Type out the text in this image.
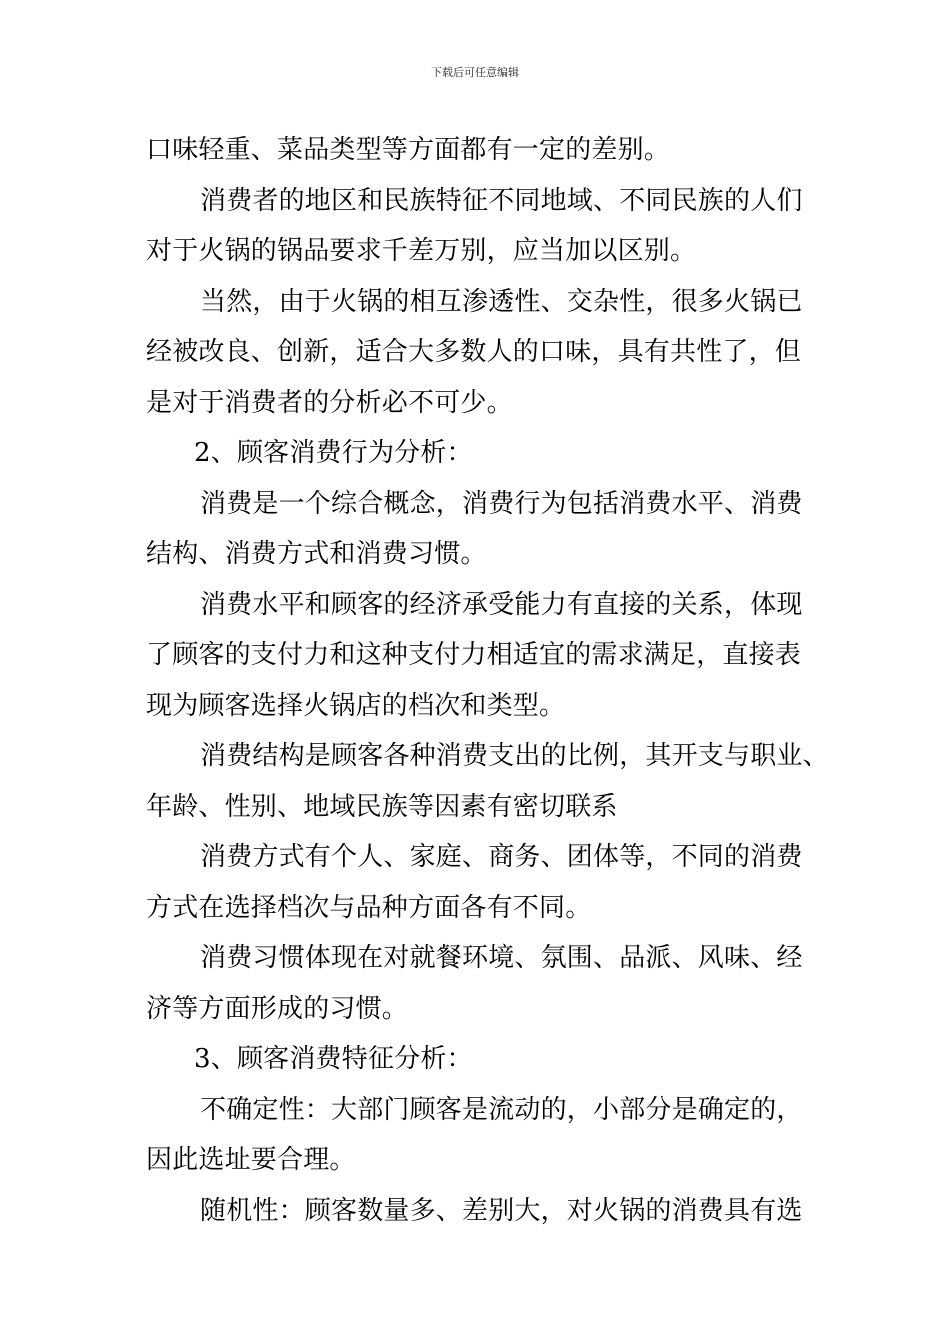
下载后可任意编辑
口味轻重、菜品类型等方面都有一定的差别。
消费者的地区和民族特征不同地域、不同民族的人们
对于火锅的锅品要求千差万别，应当加以区别。
当然，由于火锅的相互渗透性、交杂性，很多火锅已
经被改良、创新，适合大多数人的口味，具有共性了，但
是对于消费者的分析必不可少。
2、顾客消费行为分析：
消费是一个综合概念，消费行为包括消费水平、消费
结构、消费方式和消费习惯。
消费水平和顾客的经济承受能力有直接的关系，体现
了顾客的支付力和这种支付力相适宜的需求满足，直接表
现为顾客选择火锅店的档次和类型。
消费结构是顾客各种消费支出的比例，其开支与职业、
年龄、性别、地域民族等因素有密切联系
消费方式有个人、家庭、商务、团体等，不同的消费
方式在选择档次与品种方面各有不同。
消费习惯体现在对就餐环境、氛围、品派、风味、经
济等方面形成的习惯。
3、顾客消费特征分析：
不确定性：大部门顾客是流动的，小部分是确定的，
因此选址要合理。
随机性：顾客数量多、差别大，对火锅的消费具有选
